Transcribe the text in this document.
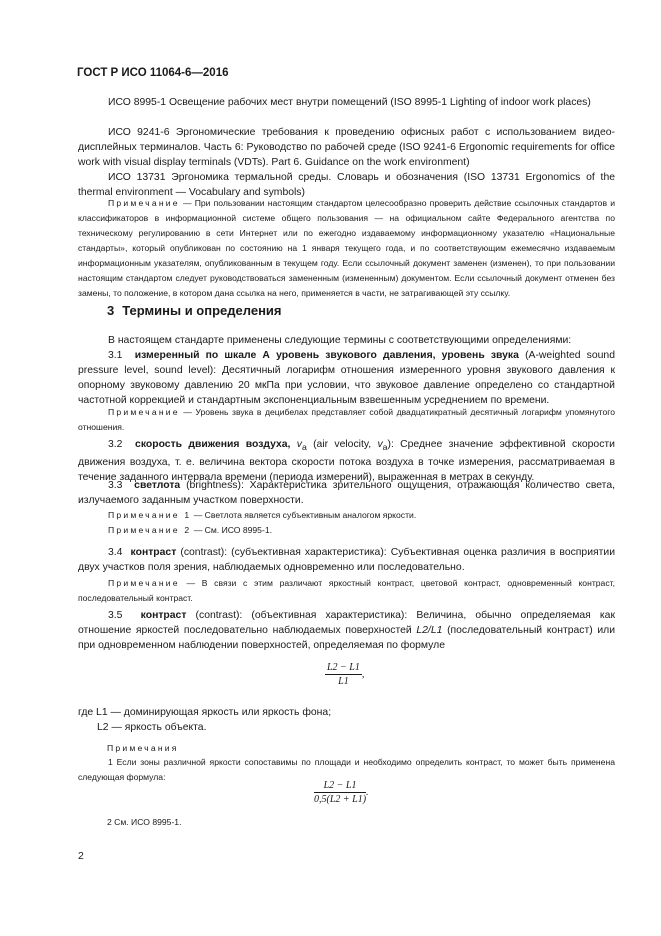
ГОСТ Р ИСО 11064-6—2016
ИСО 8995-1 Освещение рабочих мест внутри помещений (ISO 8995-1 Lighting of indoor work places)
ИСО 9241-6 Эргономические требования к проведению офисных работ с использованием видео-дисплейных терминалов. Часть 6: Руководство по рабочей среде (ISO 9241-6 Ergonomic requirements for office work with visual display terminals (VDTs). Part 6. Guidance on the work environment)
ИСО 13731 Эргономика термальной среды. Словарь и обозначения (ISO 13731 Ergonomics of the thermal environment — Vocabulary and symbols)
Примечание — При пользовании настоящим стандартом целесообразно проверить действие ссылочных стандартов и классификаторов в информационной системе общего пользования — на официальном сайте Федерального агентства по техническому регулированию в сети Интернет или по ежегодно издаваемому информационному указателю «Национальные стандарты», который опубликован по состоянию на 1 января текущего года, и по соответствующим ежемесячно издаваемым информационным указателям, опубликованным в текущем году. Если ссылочный документ заменен (изменен), то при пользовании настоящим стандартом следует руководствоваться замененным (измененным) документом. Если ссылочный документ отменен без замены, то положение, в котором дана ссылка на него, применяется в части, не затрагивающей эту ссылку.
3 Термины и определения
В настоящем стандарте применены следующие термины с соответствующими определениями:
3.1 измеренный по шкале А уровень звукового давления, уровень звука (A-weighted sound pressure level, sound level): Десятичный логарифм отношения измеренного уровня звукового давления к опорному звуковому давлению 20 мкПа при условии, что звуковое давление определено со стандартной частотной коррекцией и стандартным экспоненциальным взвешенным усреднением по времени.
Примечание — Уровень звука в децибелах представляет собой двадцатикратный десятичный логарифм упомянутого отношения.
3.2 скорость движения воздуха, $v_a$ (air velocity, $v_a$): Среднее значение эффективной скорости движения воздуха, т. е. величина вектора скорости потока воздуха в точке измерения, рассматриваемая в течение заданного интервала времени (периода измерений), выраженная в метрах в секунду.
3.3 светлота (brightness): Характеристика зрительного ощущения, отражающая количество света, излучаемого заданным участком поверхности.
Примечание 1 — Светлота является субъективным аналогом яркости.
Примечание 2 — См. ИСО 8995-1.
3.4 контраст (contrast): (субъективная характеристика): Субъективная оценка различия в восприятии двух участков поля зрения, наблюдаемых одновременно или последовательно.
Примечание — В связи с этим различают яркостный контраст, цветовой контраст, одновременный контраст, последовательный контраст.
3.5 контраст (contrast): (объективная характеристика): Величина, обычно определяемая как отношение яркостей последовательно наблюдаемых поверхностей L2/L1 (последовательный контраст) или при одновременном наблюдении поверхностей, определяемая по формуле
$\frac{L2 - L1}{L1}$ ,
где L1 — доминирующая яркость или яркость фона;
L2 — яркость объекта.
Примечания
1 Если зоны различной яркости сопоставимы по площади и необходимо определить контраст, то может быть применена следующая формула:
$\frac{L2 - L1}{0,5(L2 + L1)}$ .
2 См. ИСО 8995-1.
2
